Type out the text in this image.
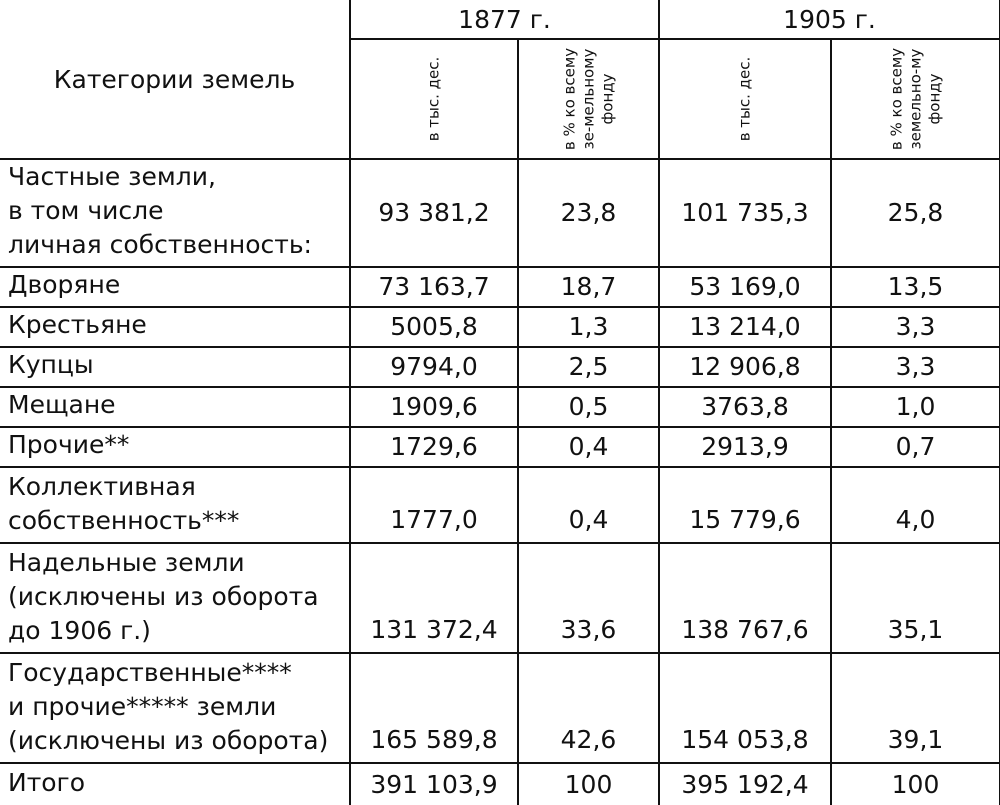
Категории земель	1877 г.		1905 г.	

	в тыс. дес.	в % ко всему зе-мельному фонду	в тыс. дес.	в % ко всему земельно-му фонду

Частные земли,
в том числе
личная собственность:	93 381,2	23,8	101 735,3	25,8
Дворяне	73 163,7	18,7	53 169,0	13,5
Крестьяне	5005,8	1,3	13 214,0	3,3
Купцы	9794,0	2,5	12 906,8	3,3
Мещане	1909,6	0,5	3763,8	1,0
Прочие**	1729,6	0,4	2913,9	0,7
Коллективная
собственность***	1777,0	0,4	15 779,6	4,0
Надельные земли
(исключены из оборота
до 1906 г.)	131 372,4	33,6	138 767,6	35,1
Государственные****
и прочие***** земли
(исключены из оборота)	165 589,8	42,6	154 053,8	39,1
Итого	391 103,9	100	395 192,4	100
